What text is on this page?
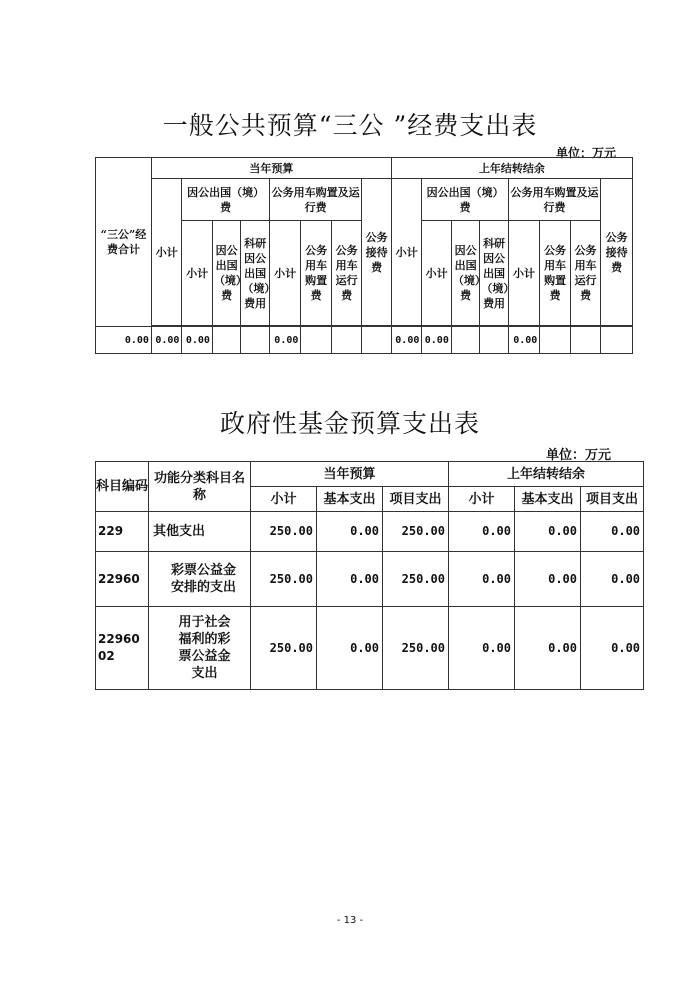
一般公共预算“三公 ”经费支出表
单位：万元
“三公”经费合计	当年预算								上年结转结余							
	小计	因公出国（境）费			公务用车购置及运行费			公务接待费	小计	因公出国（境）费			公务用车购置及运行费			公务接待费
		小计	因公出国（境）费	科研因公出国（境）费用	小计	公务用车购置费	公务用车运行费			小计	因公出国（境）费	科研因公出国（境）费用	小计	公务用车购置费	公务用车运行费	

0.00	0.00	0.00			0.00				0.00	0.00			0.00			
政府性基金预算支出表
单位：万元
科目编码	功能分类科目名称	当年预算			上年结转结余		
		小计	基本支出	项目支出	小计	基本支出	项目支出
229	其他支出	250.00	0.00	250.00	0.00	0.00	0.00
22960	彩票公益金安排的支出	250.00	0.00	250.00	0.00	0.00	0.00
2296002	用于社会福利的彩票公益金支出	250.00	0.00	250.00	0.00	0.00	0.00
- 13 -
